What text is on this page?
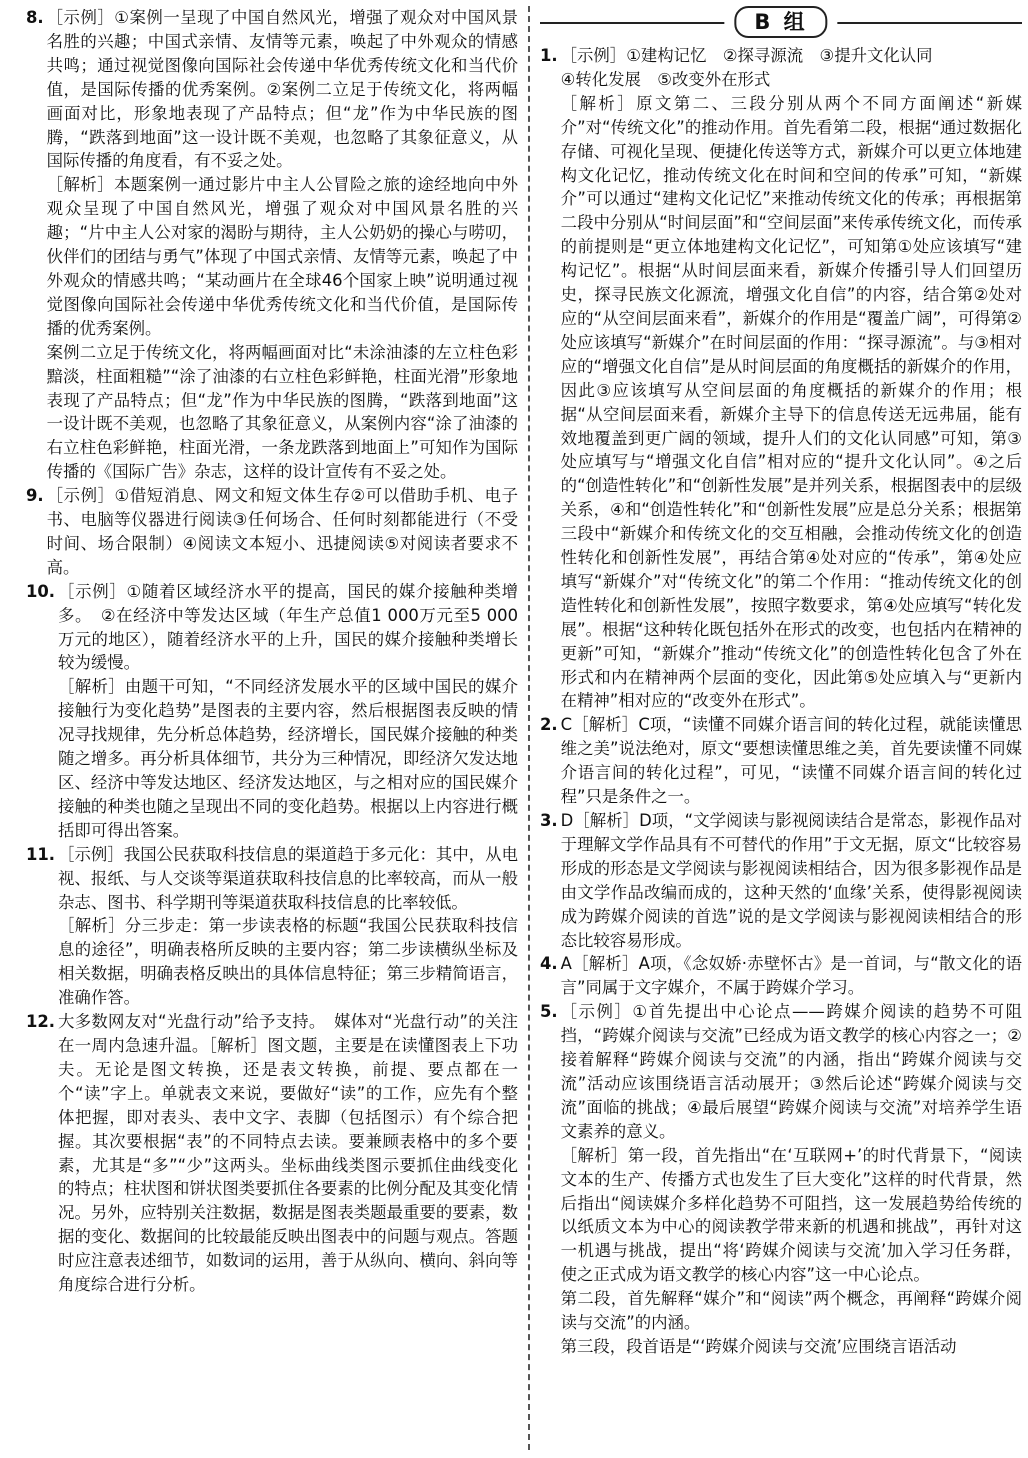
8. ［示例］①案例一呈现了中国自然风光，增强了观众对中国风景名胜的兴趣；中国式亲情、友情等元素，唤起了中外观众的情感共鸣；通过视觉图像向国际社会传递中华优秀传统文化和当代价值，是国际传播的优秀案例。②案例二立足于传统文化，将两幅画面对比，形象地表现了产品特点；但“龙”作为中华民族的图腾，“跌落到地面”这一设计既不美观，也忽略了其象征意义，从国际传播的角度看，有不妥之处。

［解析］本题案例一通过影片中主人公冒险之旅的途经地向中外观众呈现了中国自然风光，增强了观众对中国风景名胜的兴趣；“片中主人公对家的渴盼与期待，主人公奶奶的操心与唠叨，伙伴们的团结与勇气”体现了中国式亲情、友情等元素，唤起了中外观众的情感共鸣；“某动画片在全球46个国家上映”说明通过视觉图像向国际社会传递中华优秀传统文化和当代价值，是国际传播的优秀案例。

案例二立足于传统文化，将两幅画面对比“未涂油漆的左立柱色彩黯淡，柱面粗糙”“涂了油漆的右立柱色彩鲜艳，柱面光滑”形象地表现了产品特点；但“龙”作为中华民族的图腾，“跌落到地面”这一设计既不美观，也忽略了其象征意义，从案例内容“涂了油漆的右立柱色彩鲜艳，柱面光滑，一条龙跌落到地面上”可知作为国际传播的《国际广告》杂志，这样的设计宣传有不妥之处。

9. ［示例］①借短消息、网文和短文体生存②可以借助手机、电子书、电脑等仪器进行阅读③任何场合、任何时刻都能进行（不受时间、场合限制）④阅读文本短小、迅捷阅读⑤对阅读者要求不高。

10. ［示例］①随着区域经济水平的提高，国民的媒介接触种类增多。　②在经济中等发达区域（年生产总值1 000万元至5 000万元的地区），随着经济水平的上升，国民的媒介接触种类增长较为缓慢。

［解析］由题干可知，“不同经济发展水平的区域中国民的媒介接触行为变化趋势”是图表的主要内容，然后根据图表反映的情况寻找规律，先分析总体趋势，经济增长，国民媒介接触的种类随之增多。再分析具体细节，共分为三种情况，即经济欠发达地区、经济中等发达地区、经济发达地区，与之相对应的国民媒介接触的种类也随之呈现出不同的变化趋势。根据以上内容进行概括即可得出答案。

11. ［示例］我国公民获取科技信息的渠道趋于多元化：其中，从电视、报纸、与人交谈等渠道获取科技信息的比率较高，而从一般杂志、图书、科学期刊等渠道获取科技信息的比率较低。

［解析］分三步走：第一步读表格的标题“我国公民获取科技信息的途径”，明确表格所反映的主要内容；第二步读横纵坐标及相关数据，明确表格反映出的具体信息特征；第三步精简语言，准确作答。

12. 大多数网友对“光盘行动”给予支持。　媒体对“光盘行动”的关注在一周内急速升温。［解析］图文题，主要是在读懂图表上下功夫。无论是图文转换，还是表文转换，前提、要点都在一个“读”字上。单就表文来说，要做好“读”的工作，应先有个整体把握，即对表头、表中文字、表脚（包括图示）有个综合把握。其次要根据“表”的不同特点去读。要兼顾表格中的多个要素，尤其是“多”“少”这两头。坐标曲线类图示要抓住曲线变化的特点；柱状图和饼状图类要抓住各要素的比例分配及其变化情况。另外，应特别关注数据，数据是图表类题最重要的要素，数据的变化、数据间的比较最能反映出图表中的问题与观点。答题时应注意表述细节，如数词的运用，善于从纵向、横向、斜向等角度综合进行分析。

B 组
1. ［示例］①建构记忆　②探寻源流　③提升文化认同

④转化发展　⑤改变外在形式

［解析］原文第二、三段分别从两个不同方面阐述“新媒介”对“传统文化”的推动作用。首先看第二段，根据“通过数据化存储、可视化呈现、便捷化传送等方式，新媒介可以更立体地建构文化记忆，推动传统文化在时间和空间的传承”可知，“新媒介”可以通过“建构文化记忆”来推动传统文化的传承；再根据第二段中分别从“时间层面”和“空间层面”来传承传统文化，而传承的前提则是“更立体地建构文化记忆”，可知第①处应该填写“建构记忆”。根据“从时间层面来看，新媒介传播引导人们回望历史，探寻民族文化源流，增强文化自信”的内容，结合第②处对应的“从空间层面来看”，新媒介的作用是“覆盖广阔”，可得第②处应该填写“新媒介”在时间层面的作用：“探寻源流”。与③相对应的“增强文化自信”是从时间层面的角度概括的新媒介的作用，因此③应该填写从空间层面的角度概括的新媒介的作用；根据“从空间层面来看，新媒介主导下的信息传送无远弗届，能有效地覆盖到更广阔的领域，提升人们的文化认同感”可知，第③处应填写与“增强文化自信”相对应的“提升文化认同”。④之后的“创造性转化”和“创新性发展”是并列关系，根据图表中的层级关系，④和“创造性转化”和“创新性发展”应是总分关系；根据第三段中“新媒介和传统文化的交互相融，会推动传统文化的创造性转化和创新性发展”，再结合第④处对应的“传承”，第④处应填写“新媒介”对“传统文化”的第二个作用：“推动传统文化的创造性转化和创新性发展”，按照字数要求，第④处应填写“转化发展”。根据“这种转化既包括外在形式的改变，也包括内在精神的更新”可知，“新媒介”推动“传统文化”的创造性转化包含了外在形式和内在精神两个层面的变化，因此第⑤处应填入与“更新内在精神”相对应的“改变外在形式”。

2. C［解析］C项，“读懂不同媒介语言间的转化过程，就能读懂思维之美”说法绝对，原文“要想读懂思维之美，首先要读懂不同媒介语言间的转化过程”，可见，“读懂不同媒介语言间的转化过程”只是条件之一。

3. D［解析］D项，“文学阅读与影视阅读结合是常态，影视作品对于理解文学作品具有不可替代的作用”于文无据，原文“比较容易形成的形态是文学阅读与影视阅读相结合，因为很多影视作品是由文学作品改编而成的，这种天然的‘血缘’关系，使得影视阅读成为跨媒介阅读的首选”说的是文学阅读与影视阅读相结合的形态比较容易形成。

4. A［解析］A项，《念奴娇·赤壁怀古》是一首词，与“散文化的语言”同属于文字媒介，不属于跨媒介学习。

5. ［示例］①首先提出中心论点——跨媒介阅读的趋势不可阻挡，“跨媒介阅读与交流”已经成为语文教学的核心内容之一；②接着解释“跨媒介阅读与交流”的内涵，指出“跨媒介阅读与交流”活动应该围绕语言活动展开；③然后论述“跨媒介阅读与交流”面临的挑战；④最后展望“跨媒介阅读与交流”对培养学生语文素养的意义。

［解析］第一段，首先指出“在‘互联网+’的时代背景下，“阅读文本的生产、传播方式也发生了巨大变化”这样的时代背景，然后指出“阅读媒介多样化趋势不可阻挡，这一发展趋势给传统的以纸质文本为中心的阅读教学带来新的机遇和挑战”，再针对这一机遇与挑战，提出“将‘跨媒介阅读与交流’加入学习任务群，使之正式成为语文教学的核心内容”这一中心论点。

第二段，首先解释“媒介”和“阅读”两个概念，再阐释“跨媒介阅读与交流”的内涵。

第三段，段首语是“‘跨媒介阅读与交流’应围绕言语活动
